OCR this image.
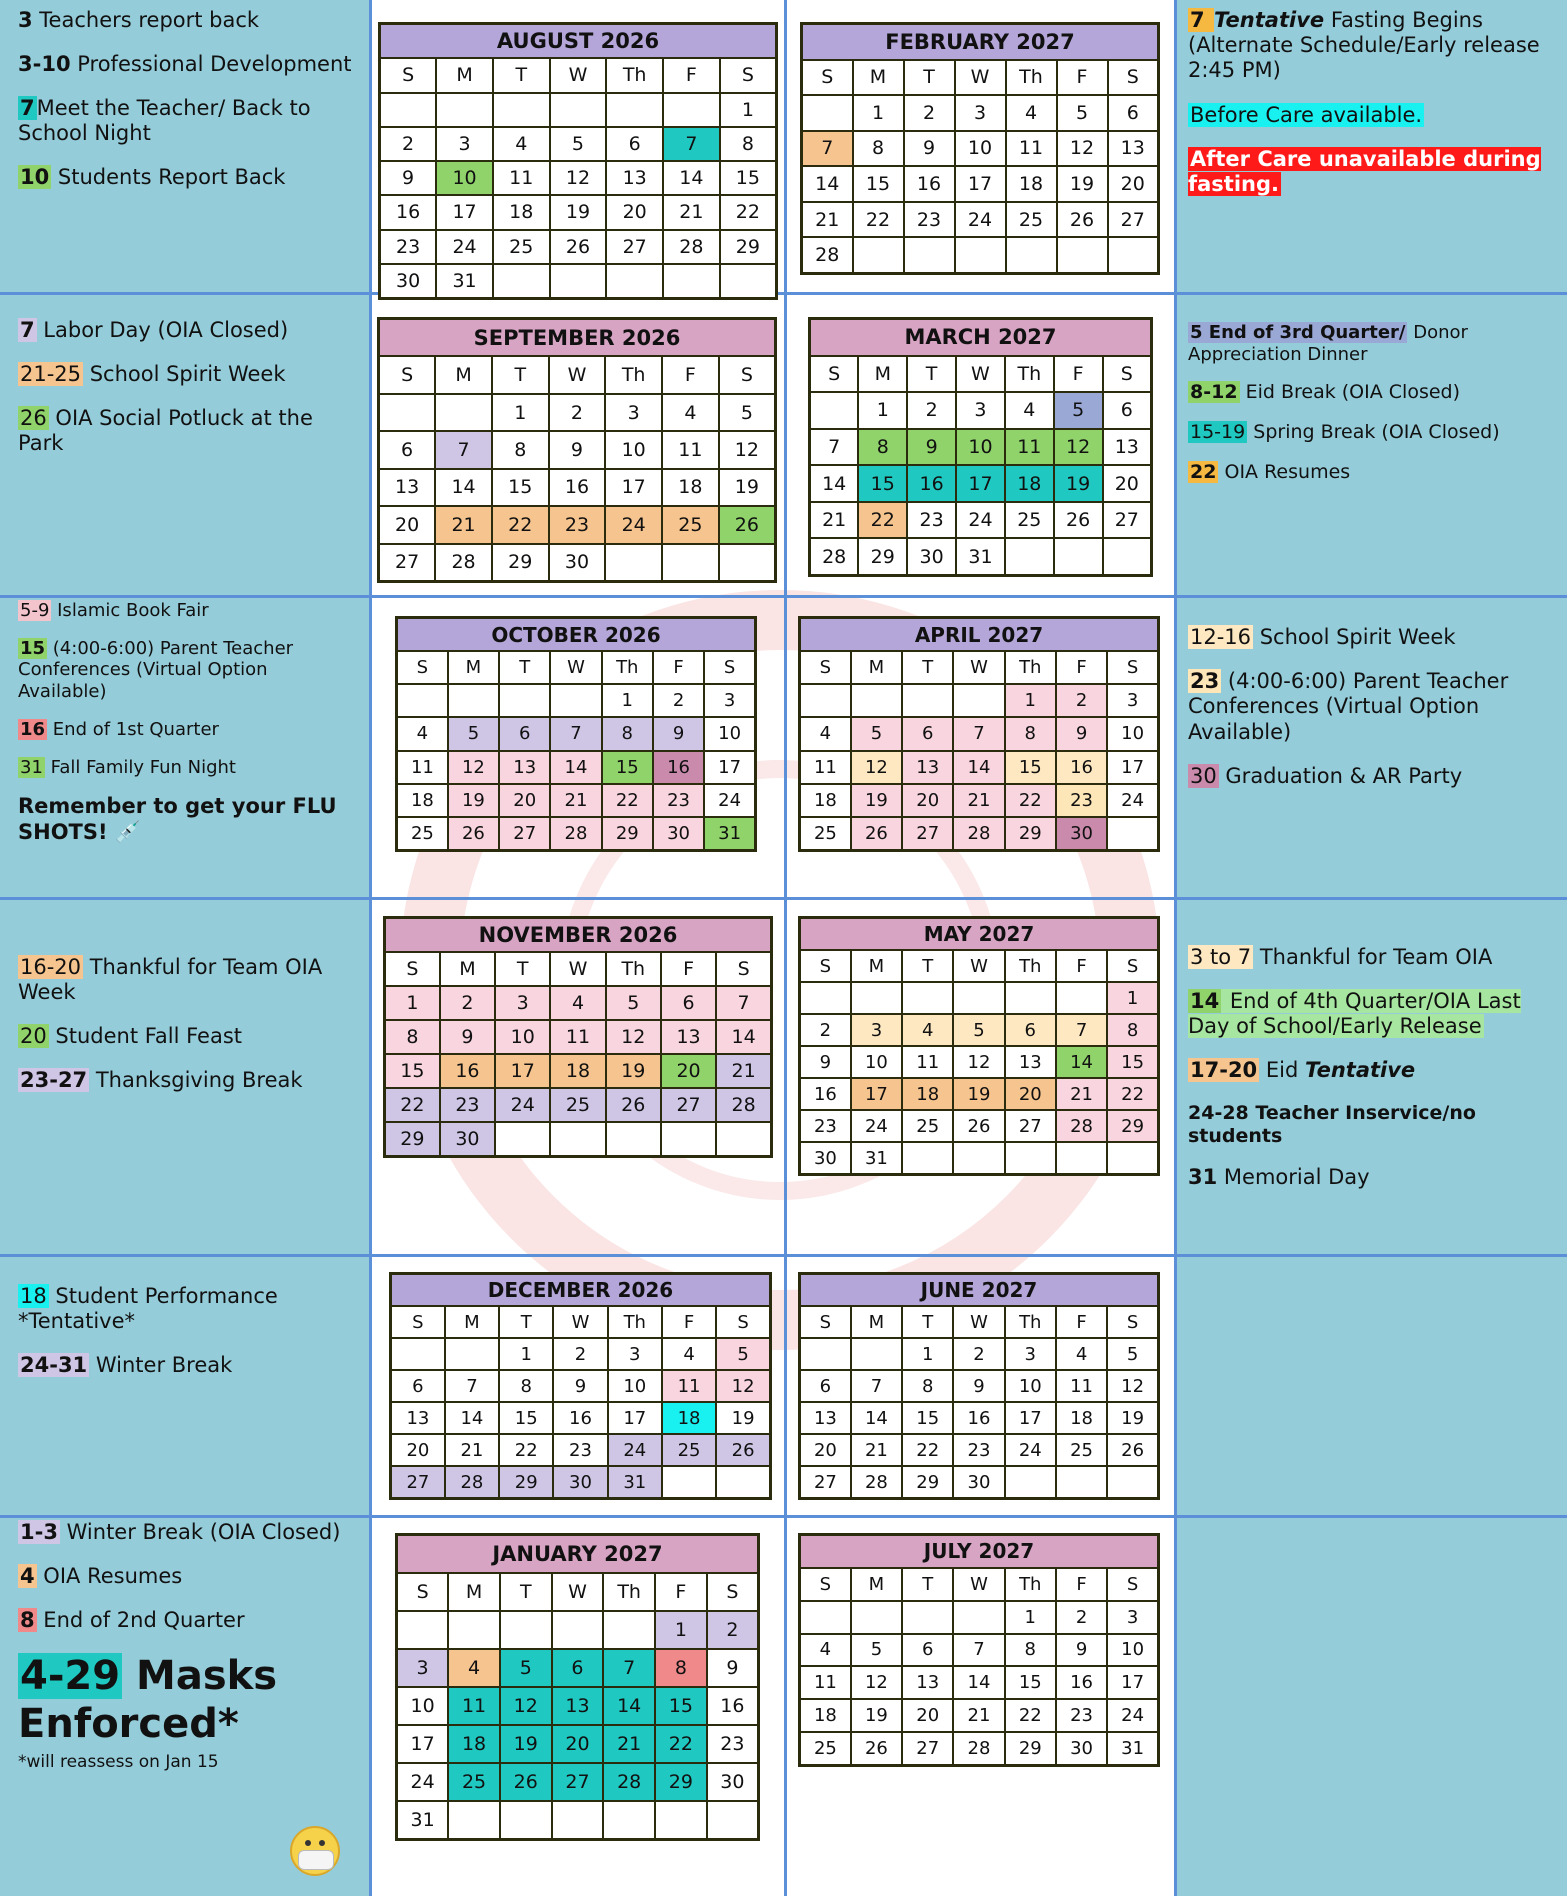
3 Teachers report back
3-10 Professional Development
7Meet the Teacher/ Back to School Night
10 Students Report Back
7 Tentative Fasting Begins (Alternate Schedule/Early release 2:45 PM)
Before Care available.
After Care unavailable during fasting.
7 Labor Day (OIA Closed)
21-25 School Spirit Week
26 OIA Social Potluck at the Park
5 End of 3rd Quarter/ Donor Appreciation Dinner
8-12 Eid Break (OIA Closed)
15-19 Spring Break (OIA Closed)
22 OIA Resumes
5-9 Islamic Book Fair
15 (4:00-6:00) Parent Teacher Conferences (Virtual Option Available)
16 End of 1st Quarter
31 Fall Family Fun Night
Remember to get your FLU SHOTS! 💉
12-16 School Spirit Week
23 (4:00-6:00) Parent Teacher Conferences (Virtual Option Available)
30 Graduation & AR Party
16-20 Thankful for Team OIA Week
20 Student Fall Feast
23-27 Thanksgiving Break
3 to 7 Thankful for Team OIA
14 End of 4th Quarter/OIA Last Day of School/Early Release
17-20 Eid Tentative
24-28 Teacher Inservice/no students
31 Memorial Day
18 Student Performance *Tentative*
24-31 Winter Break
1-3 Winter Break (OIA Closed)
4 OIA Resumes
8 End of 2nd Quarter
4-29 Masks Enforced*
*will reassess on Jan 15
AUGUST 2026						
S	M	T	W	Th	F	S
						1
2	3	4	5	6	7	8
9	10	11	12	13	14	15
16	17	18	19	20	21	22
23	24	25	26	27	28	29
30	31					
FEBRUARY 2027						
S	M	T	W	Th	F	S
	1	2	3	4	5	6
7	8	9	10	11	12	13
14	15	16	17	18	19	20
21	22	23	24	25	26	27
28						
SEPTEMBER 2026						
S	M	T	W	Th	F	S
		1	2	3	4	5
6	7	8	9	10	11	12
13	14	15	16	17	18	19
20	21	22	23	24	25	26
27	28	29	30			
MARCH 2027						
S	M	T	W	Th	F	S
	1	2	3	4	5	6
7	8	9	10	11	12	13
14	15	16	17	18	19	20
21	22	23	24	25	26	27
28	29	30	31			
OCTOBER 2026						
S	M	T	W	Th	F	S
				1	2	3
4	5	6	7	8	9	10
11	12	13	14	15	16	17
18	19	20	21	22	23	24
25	26	27	28	29	30	31
APRIL 2027						
S	M	T	W	Th	F	S
				1	2	3
4	5	6	7	8	9	10
11	12	13	14	15	16	17
18	19	20	21	22	23	24
25	26	27	28	29	30	
NOVEMBER 2026						
S	M	T	W	Th	F	S
1	2	3	4	5	6	7
8	9	10	11	12	13	14
15	16	17	18	19	20	21
22	23	24	25	26	27	28
29	30					
MAY 2027						
S	M	T	W	Th	F	S
						1
2	3	4	5	6	7	8
9	10	11	12	13	14	15
16	17	18	19	20	21	22
23	24	25	26	27	28	29
30	31					
DECEMBER 2026						
S	M	T	W	Th	F	S
		1	2	3	4	5
6	7	8	9	10	11	12
13	14	15	16	17	18	19
20	21	22	23	24	25	26
27	28	29	30	31		
JUNE 2027						
S	M	T	W	Th	F	S
		1	2	3	4	5
6	7	8	9	10	11	12
13	14	15	16	17	18	19
20	21	22	23	24	25	26
27	28	29	30			
JANUARY 2027						
S	M	T	W	Th	F	S
					1	2
3	4	5	6	7	8	9
10	11	12	13	14	15	16
17	18	19	20	21	22	23
24	25	26	27	28	29	30
31						
JULY 2027						
S	M	T	W	Th	F	S
				1	2	3
4	5	6	7	8	9	10
11	12	13	14	15	16	17
18	19	20	21	22	23	24
25	26	27	28	29	30	31
